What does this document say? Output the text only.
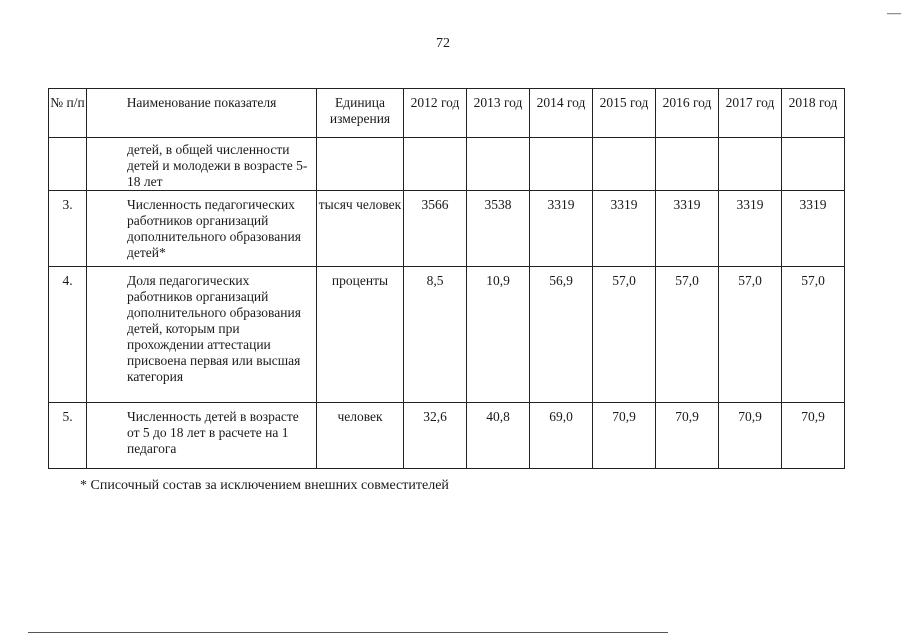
—
72
№ п/п	Наименование показателя	Единица измерения	2012 год	2013 год	2014 год	2015 год	2016 год	2017 год	2018 год
	детей, в общей численности детей и молодежи в возрасте 5-18 лет								
3.	Численность педагогических работников организаций дополнительного образования детей*	тысяч человек	3566	3538	3319	3319	3319	3319	3319
4.	Доля педагогических работников организаций дополнительного образования детей, которым при прохождении аттестации присвоена первая или высшая категория	проценты	8,5	10,9	56,9	57,0	57,0	57,0	57,0
5.	Численность детей в возрасте от 5 до 18 лет в расчете на 1 педагога	человек	32,6	40,8	69,0	70,9	70,9	70,9	70,9
* Списочный состав за исключением внешних совместителей
